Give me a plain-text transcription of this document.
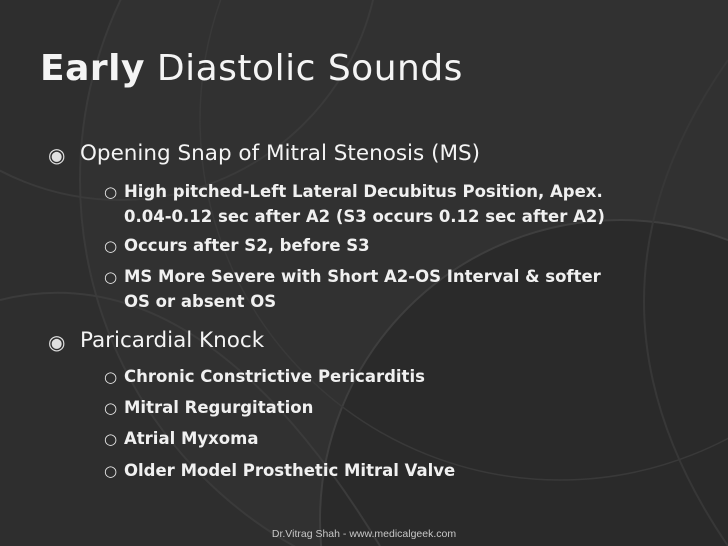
Early Diastolic Sounds
Dr.Vitrag Shah - www.medicalgeek.com
◉ Opening Snap of Mitral Stenosis (MS)
○ High pitched-Left Lateral Decubitus Position, Apex.
0.04-0.12 sec after A2 (S3 occurs 0.12 sec after A2)
○ Occurs after S2, before S3
○ MS More Severe with Short A2-OS Interval & softer
OS or absent OS
◉ Paricardial Knock
○ Chronic Constrictive Pericarditis
○ Mitral Regurgitation
○ Atrial Myxoma
○ Older Model Prosthetic Mitral Valve
